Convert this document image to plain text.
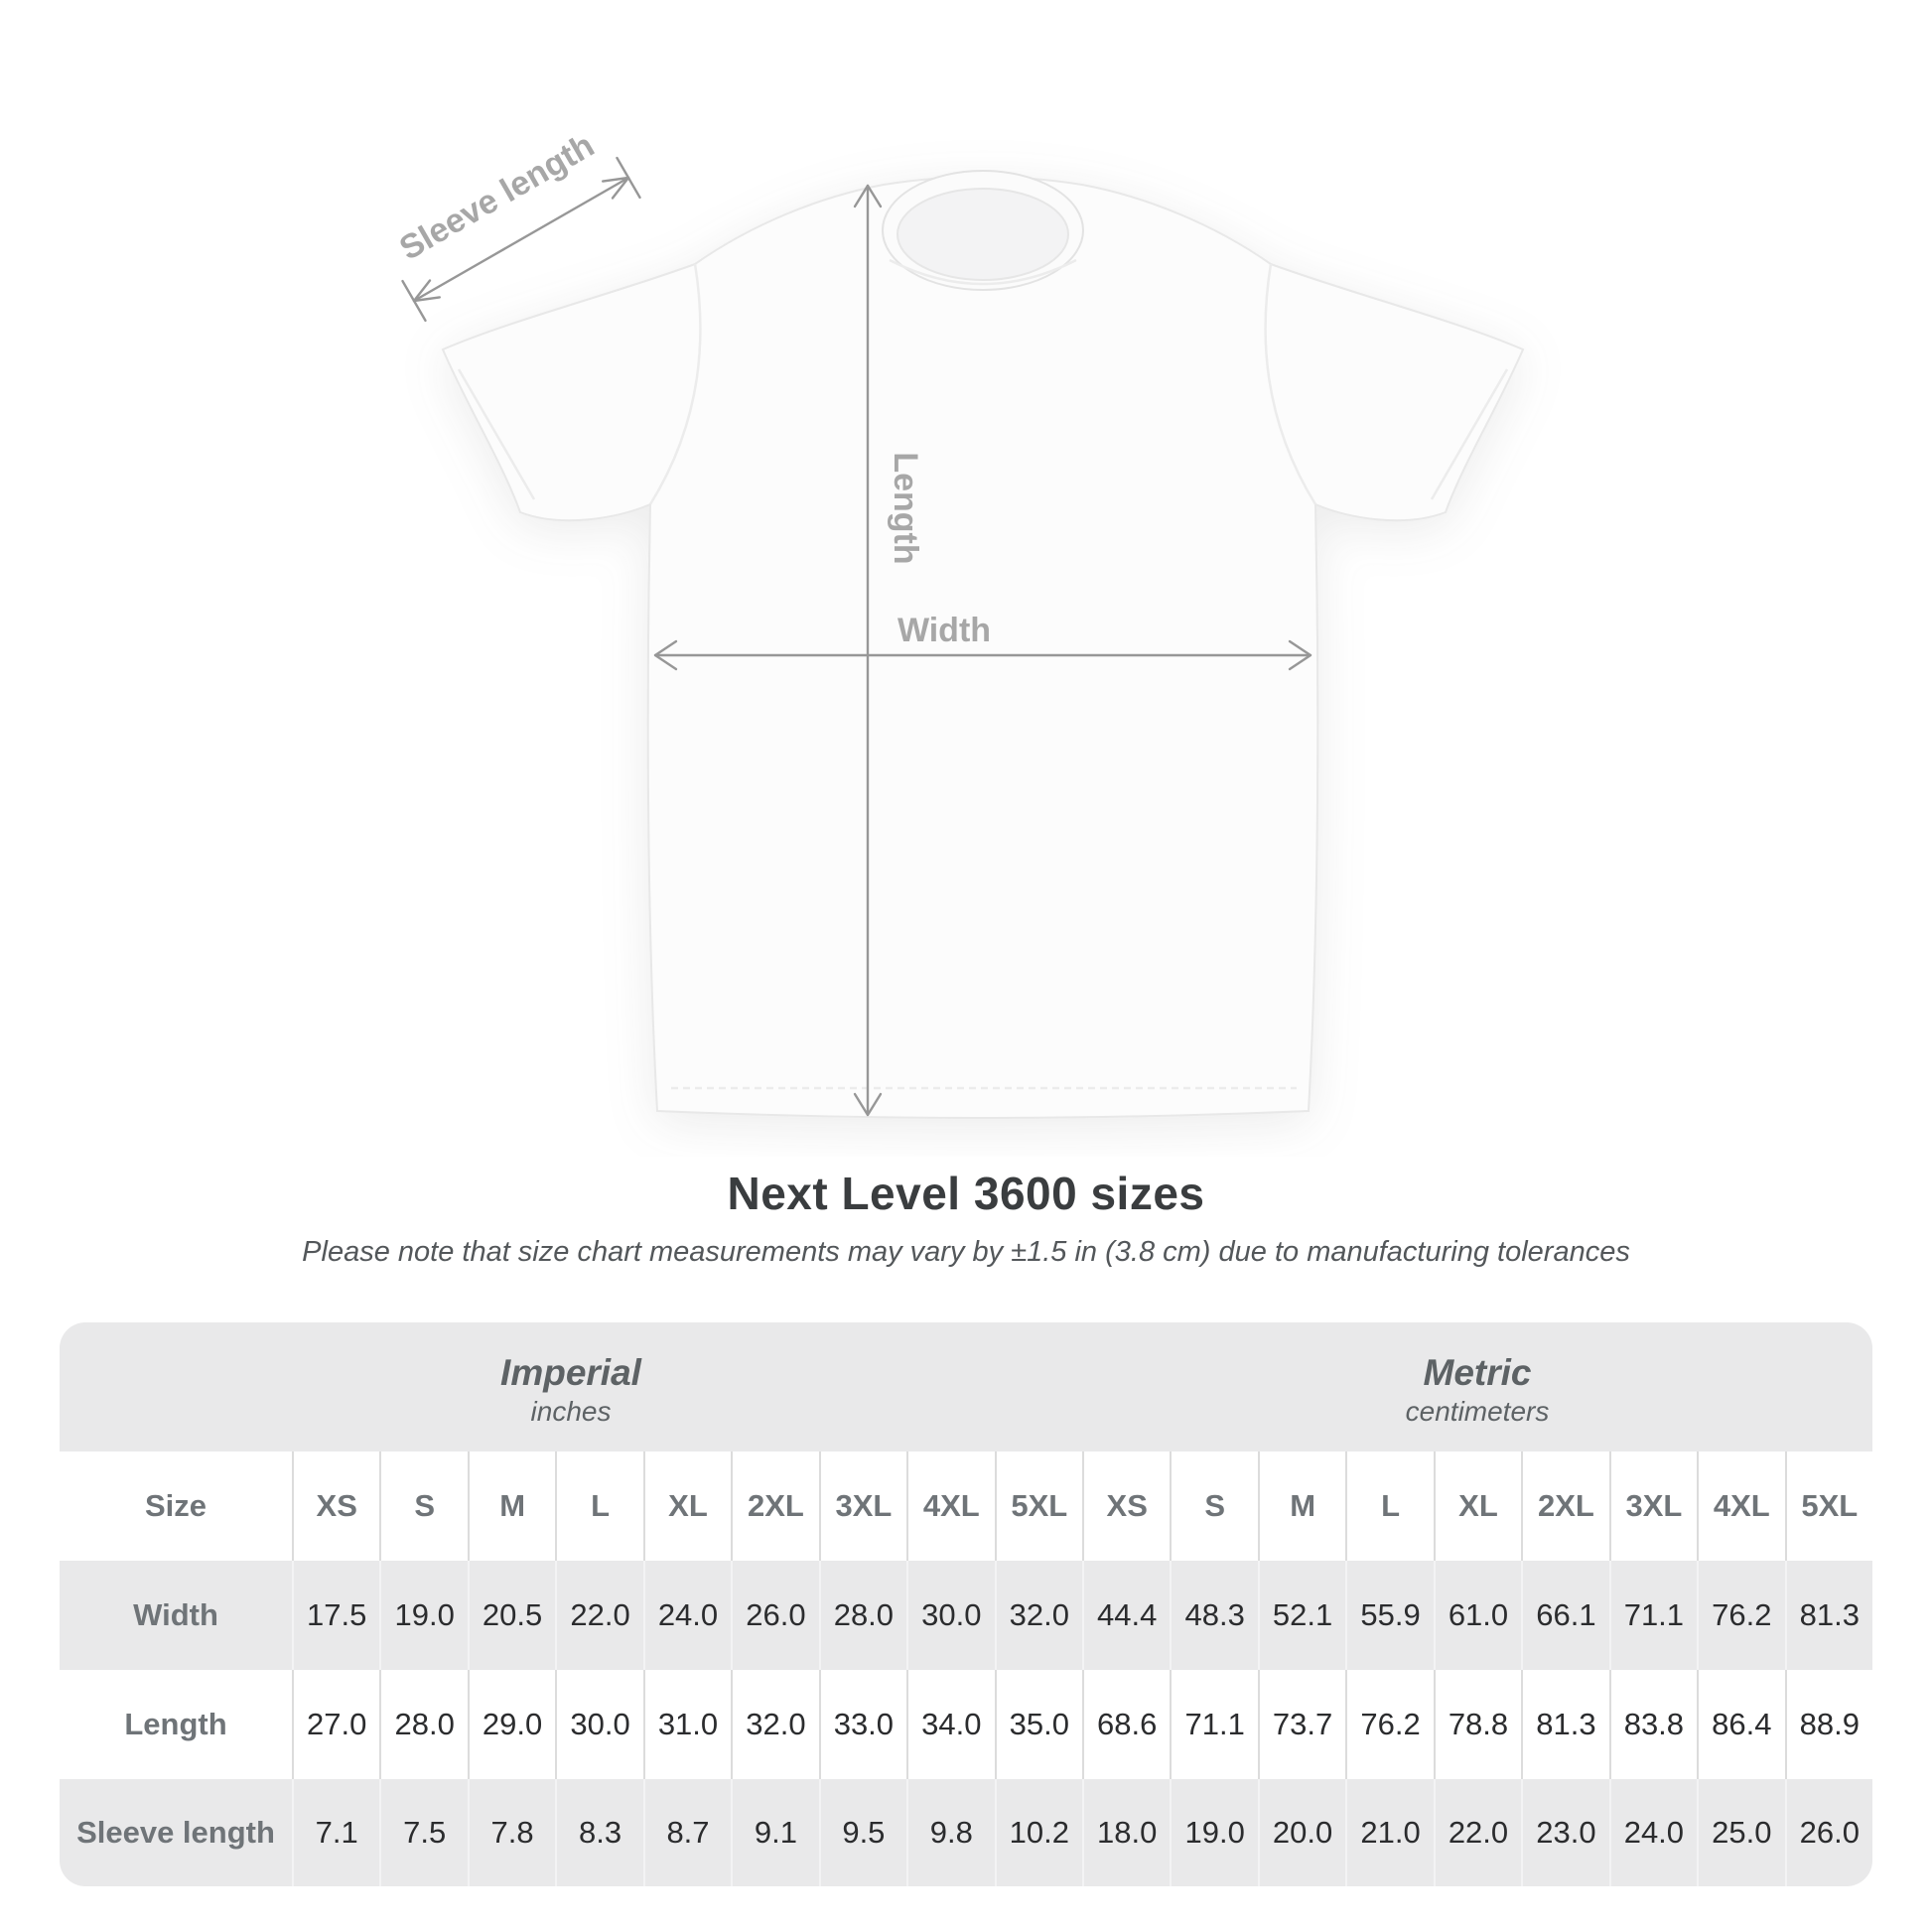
Length
Width
Sleeve length
Next Level 3600 sizes
Please note that size chart measurements may vary by ±1.5 in (3.8 cm) due to manufacturing tolerances
Imperial
inches
Metric
centimeters
Size	XS	S	M	L	XL	2XL	3XL	4XL	5XL	XS	S	M	L	XL	2XL	3XL	4XL	5XL
Width	17.5 19.0 20.5 22.0 24.0 26.0 28.0 30.0 32.0 44.4 48.3 52.1 55.9 61.0 66.1 71.1 76.2 81.3
Length	27.0 28.0 29.0 30.0 31.0 32.0 33.0 34.0 35.0 68.6 71.1 73.7 76.2 78.8 81.3 83.8 86.4 88.9
Sleeve length	7.1	7.5	7.8	8.3	8.7	9.1	9.5	9.8	10.2 18.0 19.0 20.0 21.0 22.0 23.0 24.0 25.0 26.0
